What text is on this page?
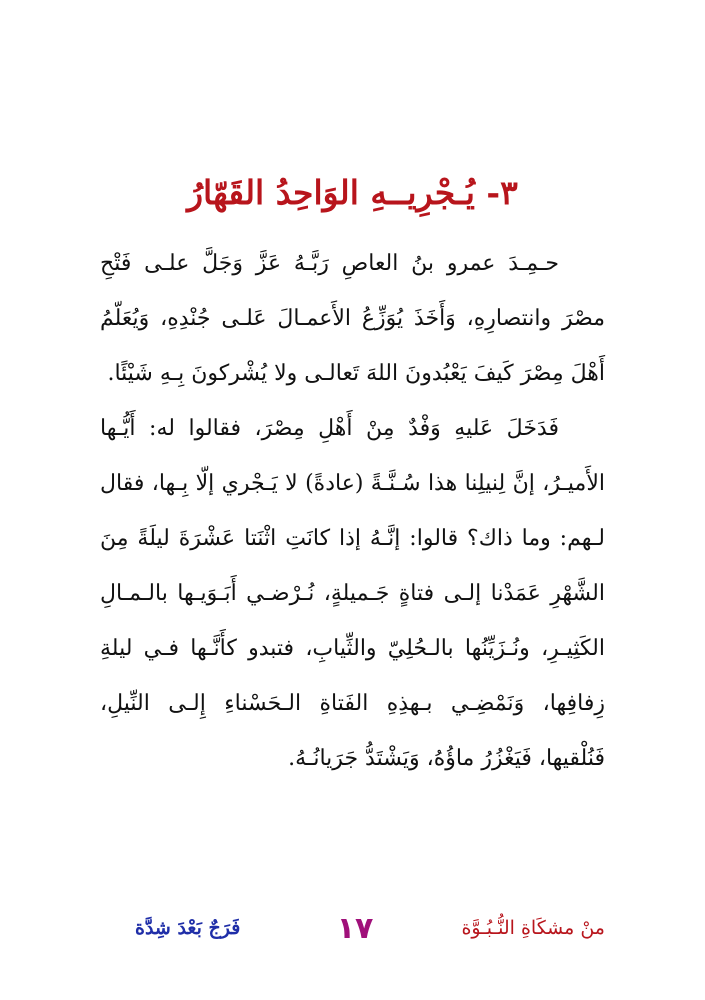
٣- يُـجْرِيــهِ الوَاحِدُ القَهّارُ

حـمِـدَ عمرو بنُ العاصِ رَبَّـهُ عَزَّ وَجَلَّ علـى فَتْحِ مصْرَ وانتصارِهِ، وَأَخَذَ يُوَزِّعُ الأَعمـالَ عَلـى جُنْدِهِ، وَيُعَلّمُ أَهْلَ مِصْرَ كَيفَ يَعْبُدونَ اللهَ تَعالـى ولا يُشْركونَ بِـهِ شَيْئًا.

فَدَخَلَ عَليهِ وَفْدٌ مِنْ أَهْلِ مِصْرَ، فقالوا له: أَيُّـها الأَميـرُ، إنَّ لِنيلِنا هذا سُـنَّـةً (عادةً) لا يَـجْري إلّا بِـها، فقال لـهم: وما ذاك؟ قالوا: إنَّـهُ إذا كانَتِ اثْنَتا عَشْرَةَ ليلَةً مِنَ الشَّهْرِ عَمَدْنا إلـى فتاةٍ جَـميلةٍ، نُـرْضـي أَبَـوَيـها بالـمـالِ الكَثِيـرِ، ونُـزَيِّنُها بالـحُلِيّ والثِّيابِ، فتبدو كأَنَّـها فـي ليلةِ زِفافِها، وَنَمْضِـي بـهذِهِ الفَتاةِ الـحَسْناءِ إِلـى النِّيلِ، فَنُلْقيها، فَيَغْزُرُ ماؤُهُ، وَيَشْتَدُّ جَرَيانُـهُ.

منْ مشكَاةِ النُّـبُـوَّة
١٧
فَرَجٌ بَعْدَ شِدَّة
